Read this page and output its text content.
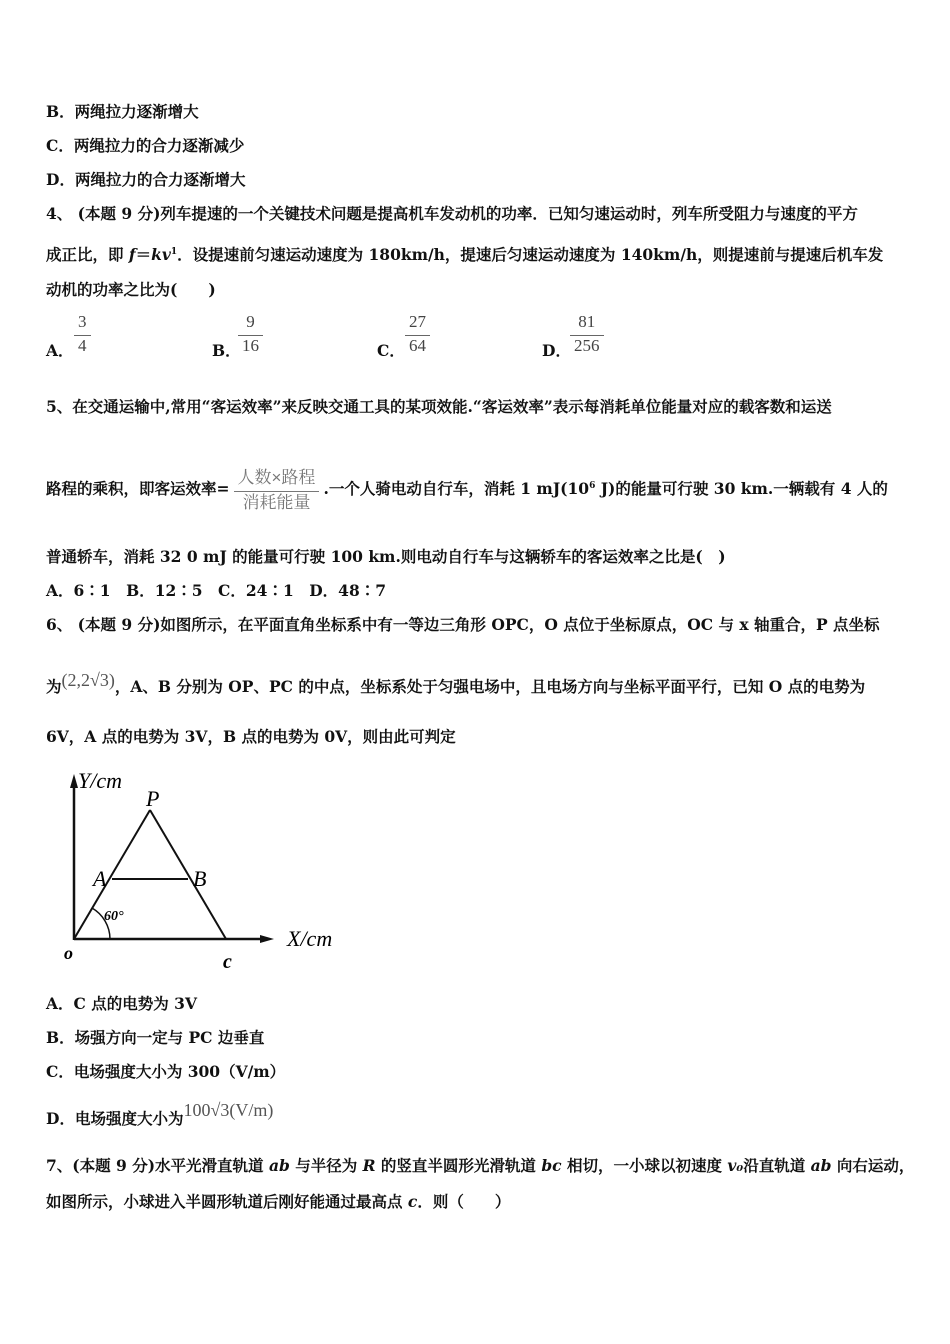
B．两绳拉力逐渐增大
C．两绳拉力的合力逐渐减少
D．两绳拉力的合力逐渐增大
4、 (本题 9 分)列车提速的一个关键技术问题是提高机车发动机的功率．已知匀速运动时，列车所受阻力与速度的平方
成正比，即 $f=kv^1$．设提速前匀速运动速度为 180km/h，提速后匀速运动速度为 140km/h，则提速前与提速后机车发
动机的功率之比为(　　)
A． $\frac{3}{4}$	B．
$\frac{9}{16}$	C． $\frac{27}{64}$	D． $\frac{81}{256}$
5、在交通运输中,常用“客运效率”来反映交通工具的某项效能.“客运效率”表示每消耗单位能量对应的载客数和运送
路程的乘积，即客运效率= $\frac{\text{人数×路程}}{\text{消耗能量}}$ .一个人骑电动自行车，消耗 1 $mJ(10^6$ J)的能量可行驶 30 km.一辆载有 4 人的
普通轿车，消耗 32 0 mJ 的能量可行驶 100 km.则电动自行车与这辆轿车的客运效率之比是(　)
A．6∶1　B．12∶5　C．24∶1　D．48∶7
6、 (本题 9 分)如图所示，在平面直角坐标系中有一等边三角形 OPC，O 点位于坐标原点，OC 与 x 轴重合，P 点坐标
为(2,2√3)，A、B 分别为 OP、PC 的中点，坐标系处于匀强电场中，且电场方向与坐标平面平行，已知 O 点的电势为
6V，A 点的电势为 3V，B 点的电势为 0V，则由此可判定
Y/cm
X/cm
P
A	B
o	c
60°
A．C 点的电势为 3V
B．场强方向一定与 PC 边垂直
C．电场强度大小为 300（V/m）
D．电场强度大小为100√3(V/m)
7、(本题 9 分)水平光滑直轨道 ab 与半径为 R 的竖直半圆形光滑轨道 bc 相切，一小球以初速度 v₀沿直轨道 ab 向右运动，
如图所示，小球进入半圆形轨道后刚好能通过最高点 c．则（　　）
